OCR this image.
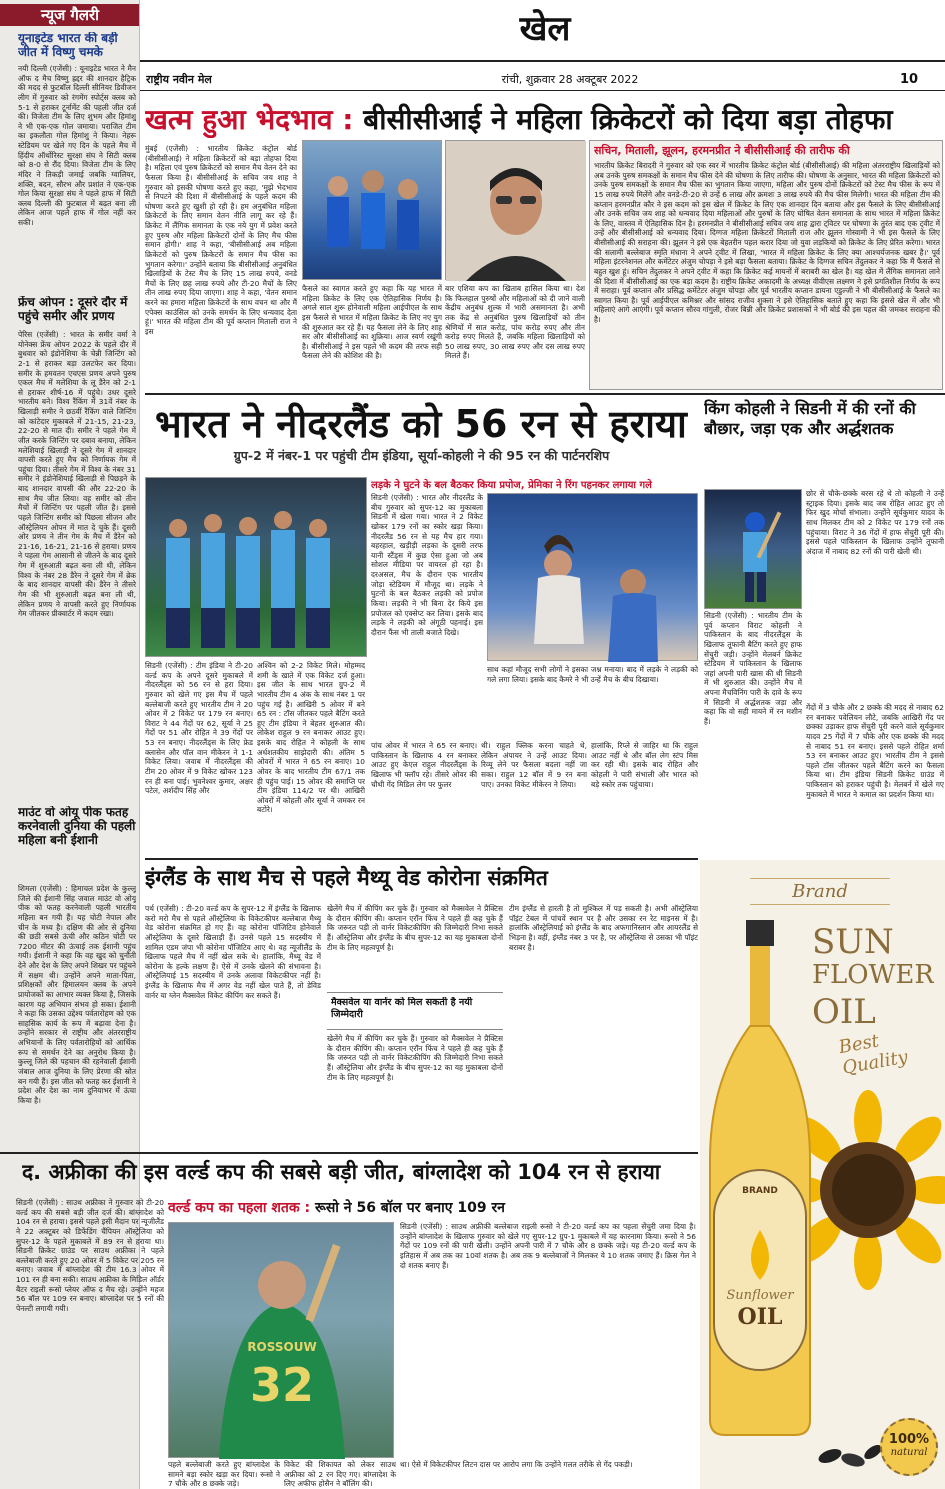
खेल
राष्ट्रीय नवीन मेल	रांची, शुक्रवार 28 अक्टूबर 2022	10
न्यूज गैलरी
यूनाइटेड भारत की बड़ी जीत में विष्णु चमके
नयी दिल्ली (एजेंसी) : यूनाइटेड भारत ने मैन ऑफ द मैच विष्णु ह्रद्दर की शानदार हैट्रिक की मदद से फुटबॉल दिल्ली सीनियर डिवीजन लीग में गुरुवार को रंगमेंग स्पोर्ट्स क्लब को 5-1 से हराकर टूर्नामेंट की पहली जीत दर्ज की। विजेता टीम के लिए शुभम और हिमांशु ने भी एक-एक गोल जमाया। पराजित टीम का इकलौता गोल हिमांशु ने किया। नेहरू स्टेडियम पर खेले गए दिन के पहले मैच में हिंदीय ऑर्थोरिस्ट सुरक्षा संघ ने सिटी क्लब को 8-0 से रौंद दिया। विजेता टीम के लिए मंदिर ने तिकड़ी जमाई जबकि ग्वालियर, शक्ति, बदन, सौरभ और प्रशांत ने एक-एक गोल किया सुरक्षा संघ ने पहले हाफ में सिटी क्लब दिल्ली की फुटबाल में बढ़त बना ली लेकिन आज पहले हाफ में गोल नहीं कर सकी।
फ्रेंच ओपन : दूसरे दौर में पहुंचे समीर और प्रणय
पेरिस (एजेंसी) : भारत के समीर वर्मा ने योनेक्स फ्रेंच ओपन 2022 के पहले दौर में बुधवार को इंडोनेशिया के चेन्नी जिन्टिंग को 2-1 से हराकर बड़ा उलटफेर कर दिया। समीर के हमवतन एचएस प्रणय अपने पुरुष एकल मैच में मलेशिया के लू डैरेन को 2-1 से हराकर शीर्ष-16 में पहुंचे। उधर दूसरे भारतीय बने। विश्व रैंकिंग में 31वें नंबर के खिलाड़ी समीर ने छठवीं रैंकिंग वाले जिन्टिंग को कांटेदार मुकाबले में 21-15, 21-23, 22-20 से मात दी। समीर ने पहले गेम में जीत करके जिन्टिंग पर दबाव बनाया, लेकिन मलेशियाई खिलाड़ी ने दूसरे गेम में शानदार वापसी करते हुए मैच को निर्णायक गेम में पहुंचा दिया। तीसरे गेम में विश्व के नंबर 31 समीर ने इंडोनेशियाई खिलाड़ी से पिछड़ने के बाद शानदार वापसी की और 22-20 के साथ मैच जीत लिया। वह समीर को तीन मैचों में जिन्टिंग पर पहली जीत है। इससे पहले जिन्टिंग समीर को पिछला सीजन और ऑस्ट्रेलियन ओपन में मात दे चुके हैं। दूसरी ओर प्रणय ने तीन गेम के मैच में डैरेन को 21-16, 16-21, 21-16 से हराया। प्रणय ने पहला गेम आसानी से जीतने के बाद दूसरे गेम में शुरुआती बढ़त बना ली थी, लेकिन विश्व के नंबर 28 डैरेन ने दूसरे गेम में ब्रेक के बाद शानदार वापसी की। डैरेन ने तीसरे गेम की भी शुरुआती बढ़त बना ली थी, लेकिन प्रणय ने वापसी करते हुए निर्णायक गेम जीतकर प्रीक्वार्टर में कदम रखा।
माउंट वो ओयू पीक फतह करनेवाली दुनिया की पहली महिला बनी ईशानी
शिमला (एजेंसी) : हिमाचल प्रदेश के कुल्लू जिले की ईशानी सिंह जवाल माउंट वो ओयू पीक को फतह करनेवाली पहली भारतीय महिला बन गयी हैं। यह चोटी नेपाल और चीन के मध्य है। दक्षिण की ओर से दुनिया की छठी सबसे ऊंची और कठिन चोटी पर 7200 मीटर की ऊंचाई तक ईशानी पहुंच गयी। ईशानी ने कहा कि वह खुद को चुनौती देने और देश के लिए अपने शिखर पर पहुंचने में सक्षम थी। उन्होंने अपने माता-पिता, प्रशिक्षकों और हिमालयन क्लब के अपने प्रायोजकों का आभार व्यक्त किया है, जिसके कारण यह अभियान संभव हो सका। ईशानी ने कहा कि उसका उद्देश्य पर्वतारोहण को एक साहसिक कार्य के रूप में बढ़ावा देना है। उन्होंने सरकार से राष्ट्रीय और अंतरराष्ट्रीय अभियानों के लिए पर्वतारोहियों को आर्थिक रूप से समर्थन देने का अनुरोध किया है। कुल्लू जिले की पहचान की रहनेवाली ईशानी जंबाल आज दुनिया के लिए प्रेरणा की स्रोत बन गयी हैं। इस जीत को फतह कर ईशानी ने प्रदेश और देश का नाम दुनियाभर में ऊंचा किया है।
खत्म हुआ भेदभाव : बीसीसीआई ने महिला क्रिकेटरों को दिया बड़ा तोहफा
मुंबई (एजेंसी) : भारतीय क्रिकेट कंट्रोल बोर्ड (बीसीसीआई) ने महिला क्रिकेटरों को बड़ा तोहफा दिया है। महिला एवं पुरुष क्रिकेटरों को समान मैच वेतन देने का फैसला किया है। बीसीसीआई के सचिव जय शाह ने गुरुवार को इसकी घोषणा करते हुए कहा, 'मुझे भेदभाव से निपटने की दिशा में बीसीसीआई के पहले कदम की घोषणा करते हुए खुशी हो रही है। हम अनुबंधित महिला क्रिकेटरों के लिए समान वेतन नीति लागू कर रहे हैं। क्रिकेट में लैंगिक समानता के एक नये युग में प्रवेश करते हुए पुरुष और महिला क्रिकेटरों दोनों के लिए मैच फीस समान होगी।' शाह ने कहा, 'बीसीसीआई अब महिला क्रिकेटरों को पुरुष क्रिकेटरों के समान मैच फीस का भुगतान करेगा।' उन्होंने बताया कि बीसीसीआई अनुबंधित खिलाड़ियों के टेस्ट मैच के लिए 15 लाख रुपये, वनडे मैचों के लिए छह लाख रुपये और टी-20 मैचों के लिए तीन लाख रुपए दिया जाएगा। शाह ने कहा, 'वेतन समान करने का हमारा महिला क्रिकेटरों के साथ वचन था और मैं एपेक्स काउंसिल को उनके समर्थन के लिए धन्यवाद देता हूं।' भारत की महिला टीम की पूर्व कप्तान मिताली राज ने इस
फैसले का स्वागत करते हुए कहा कि यह भारत में महिला क्रिकेट के लिए एक ऐतिहासिक निर्णय है। अगले साल शुरू होनेवाली महिला आईपीएल के साथ इस फैसले से भारत में महिला क्रिकेट के लिए नए युग की शुरुआत कर रहे हैं। यह फैसला लेने के लिए शाह सर और बीसीसीआई का शुक्रिया। आज स्वर्ण रखूंगी है। बीसीसीआई ने इस पहले भी कदम की तरफ सही फैसला लेने की कोशिश की है।
बार एशिया कप का खिताब हासिल किया था। देश कि फिलहाल पुरुषों और महिलाओं को दी जाने वाली केंद्रीय अनुबंध शुल्क में भारी असमानता है। अभी तक केंद्र से अनुबंधित पुरुष खिलाड़ियों को तीन श्रेणियों में सात करोड़, पांच करोड़ रुपए और तीन करोड़ रुपए मिलते हैं, जबकि महिला खिलाड़ियों को 50 लाख रुपए, 30 लाख रुपए और दस लाख रुपए मिलते हैं।
सचिन, मिताली, झूलन, हरमनप्रीत ने बीसीसीआई की तारीफ की
भारतीय क्रिकेट बिरादरी ने गुरुवार को एक स्वर में भारतीय क्रिकेट कंट्रोल बोर्ड (बीसीसीआई) की महिला अंतरराष्ट्रीय खिलाड़ियों को अब उनके पुरुष समकक्षों के समान मैच फीस देने की घोषणा के लिए तारीफ की। घोषणा के अनुसार, भारत की महिला क्रिकेटरों को उनके पुरुष समकक्षों के समान मैच फीस का भुगतान किया जाएगा, महिला और पुरुष दोनों क्रिकेटरों को टेस्ट मैच फीस के रूप में 15 लाख रुपये मिलेंगे और वनडे-टी-20 से उन्हें 6 लाख और क्रमशः 3 लाख रुपये की मैच फीस मिलेगी। भारत की महिला टीम की कप्तान हरमनप्रीत कौर ने इस कदम को इस खेल में क्रिकेट के लिए एक शानदार दिन बताया और इस फैसले के लिए बीसीसीआई और उनके सचिव जय शाह को धन्यवाद दिया महिलाओं और पुरुषों के लिए घोषित वेतन समानता के साथ भारत में महिला क्रिकेट के लिए, वास्तव में ऐतिहासिक दिन है। हरमनप्रीत ने बीसीसीआई सचिव जय शाह द्वारा ट्विटर पर घोषणा के तुरंत बाद एक ट्वीट में उन्हें और बीसीसीआई को धन्यवाद दिया। दिग्गज महिला क्रिकेटरों मिताली राज और झूलन गोस्वामी ने भी इस फैसले के लिए बीसीसीआई की सराहना की। झूलन ने इसे एक बेहतरीन पहल करार दिया जो युवा लड़कियों को क्रिकेट के लिए प्रेरित करेगा। भारत की सलामी बल्लेबाज स्मृति मंधाना ने अपने ट्वीट में लिखा, 'भारत में महिला क्रिकेट के लिए क्या आश्चर्यजनक खबर है।' पूर्व महिला इंटरनेशनल और कमेंटेटर अंजुम चोपड़ा ने इसे बड़ा फैसला बताया। क्रिकेट के दिग्गज सचिन तेंदुलकर ने कहा कि मैं फैसले से बहुत खुश हूं। सचिन तेंदुलकर ने अपने ट्वीट में कहा कि क्रिकेट कई मायनों में बराबरी का खेल है। यह खेल में लैंगिक समानता लाने की दिशा में बीसीसीआई का एक बड़ा कदम है। राष्ट्रीय क्रिकेट अकादमी के अध्यक्ष वीवीएस लक्ष्मण ने इसे प्रगतिशील निर्णय के रूप में सराहा। पूर्व कप्तान और प्रसिद्ध कमेंटेटर अंजुम चोपड़ा और पूर्व भारतीय कप्तान डायना एडुल्जी ने भी बीसीसीआई के फैसले का स्वागत किया है। पूर्व आईपीएल कमिश्नर और सांसद राजीव शुक्ला ने इसे ऐतिहासिक बताते हुए कहा कि इससे खेल में और भी महिलाएं आगे आएंगी। पूर्व कप्तान सौरव गांगुली, रोजर बिन्नी और क्रिकेट प्रशासकों ने भी बोर्ड की इस पहल की जमकर सराहना की है।
भारत ने नीदरलैंड को 56 रन से हराया
ग्रुप-2 में नंबर-1 पर पहुंची टीम इंडिया, सूर्या-कोहली ने की 95 रन की पार्टनरशिप
सिडनी (एजेंसी) : टीम इंडिया ने टी-20 वर्ल्ड कप के अपने दूसरे मुकाबले में नीदरलैंड्स को 56 रन से हरा दिया। गुरुवार को खेले गए इस मैच में पहले बल्लेबाजी करते हुए भारतीय टीम ने 20 ओवर में 2 विकेट पर 179 रन बनाए। विराट ने 44 गेंदों पर 62, सूर्या ने 25 गेंदों पर 51 और रोहित ने 39 गेंदों पर 53 रन बनाए। नीदरलैंड्स के लिए फ्रेड क्लासेन और पॉल वान मीकेरन ने 1-1 विकेट लिया। जवाब में नीदरलैंड्स की टीम 20 ओवर में 9 विकेट खोकर 123 रन ही बना पाई। भुवनेश्वर कुमार, अक्षर पटेल, अर्शदीप सिंह और
अश्विन को 2-2 विकेट मिले। मोहम्मद शमी के खाते में एक विकेट दर्ज हुआ। इस जीत के साथ भारत ग्रुप-2 में भारतीय टीम 4 अंक के साथ नंबर 1 पर पहुंच गई है। आखिरी 5 ओवर में बने 65 रन : टॉस जीतकर पहले बैटिंग करते हुए टीम इंडिया ने बेहतर शुरुआत की। लोकेश राहुल 9 रन बनाकर आउट हुए। इसके बाद रोहित ने कोहली के साथ अर्धशतकीय साझेदारी की। अंतिम 5 ओवरों में भारत ने 65 रन बनाए। 10 ओवर के बाद भारतीय टीम 67/1 तक ही पहुंच पाई। 15 ओवर की समाप्ति पर टीम इंडिया 114/2 पर थी। आखिरी ओवरों में कोहली और सूर्या ने जमकर रन बटोरे।
लड़के ने घुटने के बल बैठकर किया प्रपोज, प्रेमिका ने रिंग पहनकर लगाया गले
सिडनी (एजेंसी) : भारत और नीदरलैंड के बीच गुरुवार को सुपर-12 का मुकाबला सिडनी में खेला गया। भारत ने 2 विकेट खोकर 179 रनों का स्कोर खड़ा किया। नीदरलैंड 56 रन से यह मैच हार गया। बहरहाल, खड़ीड़ी लड़का के दूसरी तरफ यानी स्टैंड्स में कुछ ऐसा हुआ जो अब सोशल मीडिया पर वायरल हो रहा है। दरअसल, मैच के दौरान एक भारतीय जोड़ा स्टेडियम में मौजूद था। लड़के ने घुटनों के बल बैठकर लड़की को प्रपोज किया। लड़की ने भी बिना देर किये इस प्रपोजल को एक्सेप्ट कर लिया। इसके बाद लड़के ने लड़की को अंगूठी पहनाई। इस दौरान फैंस भी ताली बजाते दिखे।
साथ कहां मौजूद सभी लोगों ने इसका जश्न मनाया। बाद में लड़के ने लड़की को गले लगा लिया। इसके बाद कैमरे ने भी उन्हें मैच के बीच दिखाया।
पांच ओवर में भारत ने 65 रन बनाए। पाकिस्तान के खिलाफ 4 रन बनाकर आउट हुए केएल राहुल नीदरलैंड्स के खिलाफ भी फ्लॉप रहे। तीसरे ओवर की चौथी गेंद मिडिल लेग पर फुलर
थी। राहुल फ्लिक करना चाहते थे, लेकिन अंपायर ने उन्हें आउट दिया। रिव्यू लेने पर फैसला बदला नहीं जा सका। राहुल 12 बॉल में 9 रन बना पाए। उनका विकेट मीकेरन ने लिया।
हालांकि, रिप्ले से जाहिर था कि राहुल आउट नहीं थे और बॉल लेग स्टंप मिस कर रही थी। इसके बाद रोहित और कोहली ने पारी संभाली और भारत को बड़े स्कोर तक पहुंचाया।
किंग कोहली ने सिडनी में की रनों की बौछार, जड़ा एक और अर्द्धशतक
छोर से चौके-छक्के बरस रहे थे तो कोहली ने उन्हें स्ट्राइक दिया। इसके बाद जब रोहित आउट हुए तो फिर खुद मोर्चा संभाला। उन्होंने सूर्यकुमार यादव के साथ मिलकर टीम को 2 विकेट पर 179 रनों तक पहुंचाया। विराट ने 36 गेंदों में हाफ सेंचुरी पूरी की। इससे पहले पाकिस्तान के खिलाफ उन्होंने तूफानी अंदाज में नाबाद 82 रनों की पारी खेली थी।
सिडनी (एजेंसी) : भारतीय टीम के पूर्व कप्तान विराट कोहली ने पाकिस्तान के बाद नीदरलैंड्स के खिलाफ तूफानी बैटिंग करते हुए हाफ सेंचुरी जड़ी। उन्होंने मेलबर्न क्रिकेट स्टेडियम में पाकिस्तान के खिलाफ जहां अपनी पारी खास की थी सिडनी में भी शुरुआत की। उन्होंने मैच में अपना मैचविनिंग पारी के दावे के रूप में सिडनी में अर्द्धशतक जड़ा और कहा कि वो सही मायने में रन मशीन हैं।
गेंदों में 3 चौके और 2 छक्के की मदद से नाबाद 62 रन बनाकर पवेलियन लौटे, जबकि आखिरी गेंद पर छक्का उड़ाकर हाफ सेंचुरी पूरी करने वाले सूर्यकुमार यादव 25 गेंदों में 7 चौके और एक छक्के की मदद से नाबाद 51 रन बनाए। इससे पहले रोहित शर्मा 53 रन बनाकर आउट हुए। भारतीय टीम ने इससे पहले टॉस जीतकर पहले बैटिंग करने का फैसला किया था। टीम इंडिया सिडनी क्रिकेट ग्राउंड में पाकिस्तान को हराकर पहुंची है। मेलबर्न में खेले गए मुकाबले में भारत ने कमाल का प्रदर्शन किया था।
इंग्लैंड के साथ मैच से पहले मैथ्यू वेड कोरोना संक्रमित
पर्थ (एजेंसी) : टी-20 वर्ल्ड कप के सुपर-12 में इंग्लैंड के खिलाफ करो मरो मैच से पहले ऑस्ट्रेलिया के विकेटकीपर बल्लेबाज मैथ्यू वेड कोरोना संक्रमित हो गए हैं। वह कोरोना पॉजिटिव होनेवाले ऑस्ट्रेलिया के दूसरे खिलाड़ी हैं। उनसे पहले 15 सदस्यीय में शामिल एडम जंपा भी कोरोना पॉजिटिव आए थे। वह न्यूजीलैंड के खिलाफ पहले मैच में नहीं खेल सके थे। हालांकि, मैथ्यू वेड में कोरोना के हल्के लक्षण हैं। ऐसे में उनके खेलने की संभावना है। ऑस्ट्रेलियाई 15 सदस्यीय में उनके अलावा विकेटकीपर नहीं है। इंग्लैंड के खिलाफ मैच में अगर वेड नहीं खेल पाते हैं, तो डेविड वार्नर या ग्लेन मैक्सवेल विकेट कीपिंग कर सकते हैं।
खेलेंगे मैच में कीपिंग कर चुके हैं। गुरुवार को मैक्सवेल ने प्रैक्टिस के दौरान कीपिंग की। कप्तान एरॉन फिंच ने पहले ही कह चुके हैं कि जरूरत पड़ी तो वार्नर विकेटकीपिंग की जिम्मेदारी निभा सकते हैं। ऑस्ट्रेलिया और इंग्लैंड के बीच सुपर-12 का यह मुकाबला दोनों टीम के लिए महत्वपूर्ण है।
मैक्सवेल या वार्नर को मिल सकती है नयी जिम्मेदारी
खेलेंगे मैच में कीपिंग कर चुके हैं। गुरुवार को मैक्सवेल ने प्रैक्टिस के दौरान कीपिंग की। कप्तान एरॉन फिंच ने पहले ही कह चुके हैं कि जरूरत पड़ी तो वार्नर विकेटकीपिंग की जिम्मेदारी निभा सकते हैं। ऑस्ट्रेलिया और इंग्लैंड के बीच सुपर-12 का यह मुकाबला दोनों टीम के लिए महत्वपूर्ण है।
टीम इंग्लैंड से हारती है तो मुश्किल में पड़ सकती है। अभी ऑस्ट्रेलिया पॉइंट टेबल में पांचवें स्थान पर है और उसका रन रेट माइनस में है। हालांकि ऑस्ट्रेलियाई को इंग्लैंड के बाद अफगानिस्तान और आयरलैंड से भिड़ना है। वहीं, इंग्लैंड नंबर 3 पर है, पर ऑस्ट्रेलिया से उसका भी पॉइंट बराबर है।
Brand
SUN
FLOWER
OIL
Best Quality
BRAND
Sunflower
OIL
100%
natural
द. अफ्रीका की इस वर्ल्ड कप की सबसे बड़ी जीत, बांग्लादेश को 104 रन से हराया
सिडनी (एजेंसी) : साउथ अफ्रीका ने गुरुवार को टी-20 वर्ल्ड कप की सबसे बड़ी जीत दर्ज की। बांग्लादेश को 104 रन से हराया। इससे पहले इसी मैदान पर न्यूजीलैंड ने 22 अक्टूबर को डिफेंडिंग चैंपियन ऑस्ट्रेलिया को सुपर-12 के पहले मुकाबले में 89 रन से हराया था। सिडनी क्रिकेट ग्राउंड पर साउथ अफ्रीका ने पहले बल्लेबाजी करते हुए 20 ओवर में 5 विकेट पर 205 रन बनाए। जवाब में बांग्लादेश की टीम 16.3 ओवर में 101 रन ही बना सकी। साउथ अफ्रीका के मिडिल ऑर्डर बैटर राइली रूसो प्लेयर ऑफ द मैच रहे। उन्होंने महज 56 बॉल पर 109 रन बनाए। बांग्लादेश पर 5 रनों की पेनल्टी लगायी गयी।
वर्ल्ड कप का पहला शतक : रूसो ने 56 बॉल पर बनाए 109 रन
32
ROSSOUW
पहले बल्लेबाजी करते हुए बांग्लादेश के सामने बड़ा स्कोर खड़ा कर दिया। रूसो ने 7 चौके और 8 छक्के जड़े।
विकेट की शिकायत को लेकर साउथ अफ्रीका को 2 रन दिए गए। बांग्लादेश के लिए अफीफ होसैन ने बॉलिंग की।
सिडनी (एजेंसी) : साउथ अफ्रीकी बल्लेबाज राइली रूसो ने टी-20 वर्ल्ड कप का पहला सेंचुरी जमा दिया है। उन्होंने बांग्लादेश के खिलाफ गुरुवार को खेले गए सुपर-12 ग्रुप-1 मुकाबले में यह कारनामा किया। रूसो ने 56 गेंदों पर 109 रनों की पारी खेली। उन्होंने अपनी पारी में 7 चौके और 8 छक्के जड़े। यह टी-20 वर्ल्ड कप के इतिहास में अब तक का 10वां शतक है। अब तक 9 बल्लेबाजों ने मिलकर ये 10 शतक जमाए हैं। क्रिस गेल ने दो शतक बनाए हैं।
था। ऐसे में विकेटकीपर लिटन दास पर आरोप लगा कि उन्होंने गलत तरीके से गेंद पकड़ी।
